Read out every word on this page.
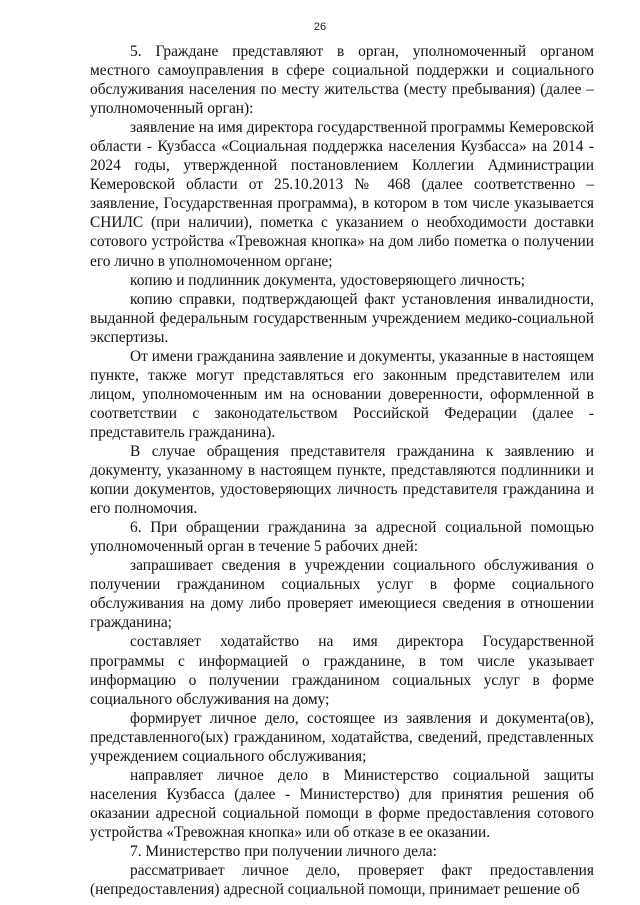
26

5. Граждане представляют в орган, уполномоченный органом местного самоуправления в сфере социальной поддержки и социального обслуживания населения по месту жительства (месту пребывания) (далее – уполномоченный орган):

заявление на имя директора государственной программы Кемеровской области - Кузбасса «Социальная поддержка населения Кузбасса» на 2014 - 2024 годы, утвержденной постановлением Коллегии Администрации Кемеровской области от 25.10.2013 № 468 (далее соответственно – заявление, Государственная программа), в котором в том числе указывается СНИЛС (при наличии), пометка с указанием о необходимости доставки сотового устройства «Тревожная кнопка» на дом либо пометка о получении его лично в уполномоченном органе;

копию и подлинник документа, удостоверяющего личность;

копию справки, подтверждающей факт установления инвалидности, выданной федеральным государственным учреждением медико-социальной экспертизы.

От имени гражданина заявление и документы, указанные в настоящем пункте, также могут представляться его законным представителем или лицом, уполномоченным им на основании доверенности, оформленной в соответствии с законодательством Российской Федерации (далее - представитель гражданина).

В случае обращения представителя гражданина к заявлению и документу, указанному в настоящем пункте, представляются подлинники и копии документов, удостоверяющих личность представителя гражданина и его полномочия.

6. При обращении гражданина за адресной социальной помощью уполномоченный орган в течение 5 рабочих дней:

запрашивает сведения в учреждении социального обслуживания о получении гражданином социальных услуг в форме социального обслуживания на дому либо проверяет имеющиеся сведения в отношении гражданина;

составляет ходатайство на имя директора Государственной программы с информацией о гражданине, в том числе указывает информацию о получении гражданином социальных услуг в форме социального обслуживания на дому;

формирует личное дело, состоящее из заявления и документа(ов), представленного(ых) гражданином, ходатайства, сведений, представленных учреждением социального обслуживания;

направляет личное дело в Министерство социальной защиты населения Кузбасса (далее - Министерство) для принятия решения об оказании адресной социальной помощи в форме предоставления сотового устройства «Тревожная кнопка» или об отказе в ее оказании.

7. Министерство при получении личного дела:

рассматривает личное дело, проверяет факт предоставления (непредоставления) адресной социальной помощи, принимает решение об
